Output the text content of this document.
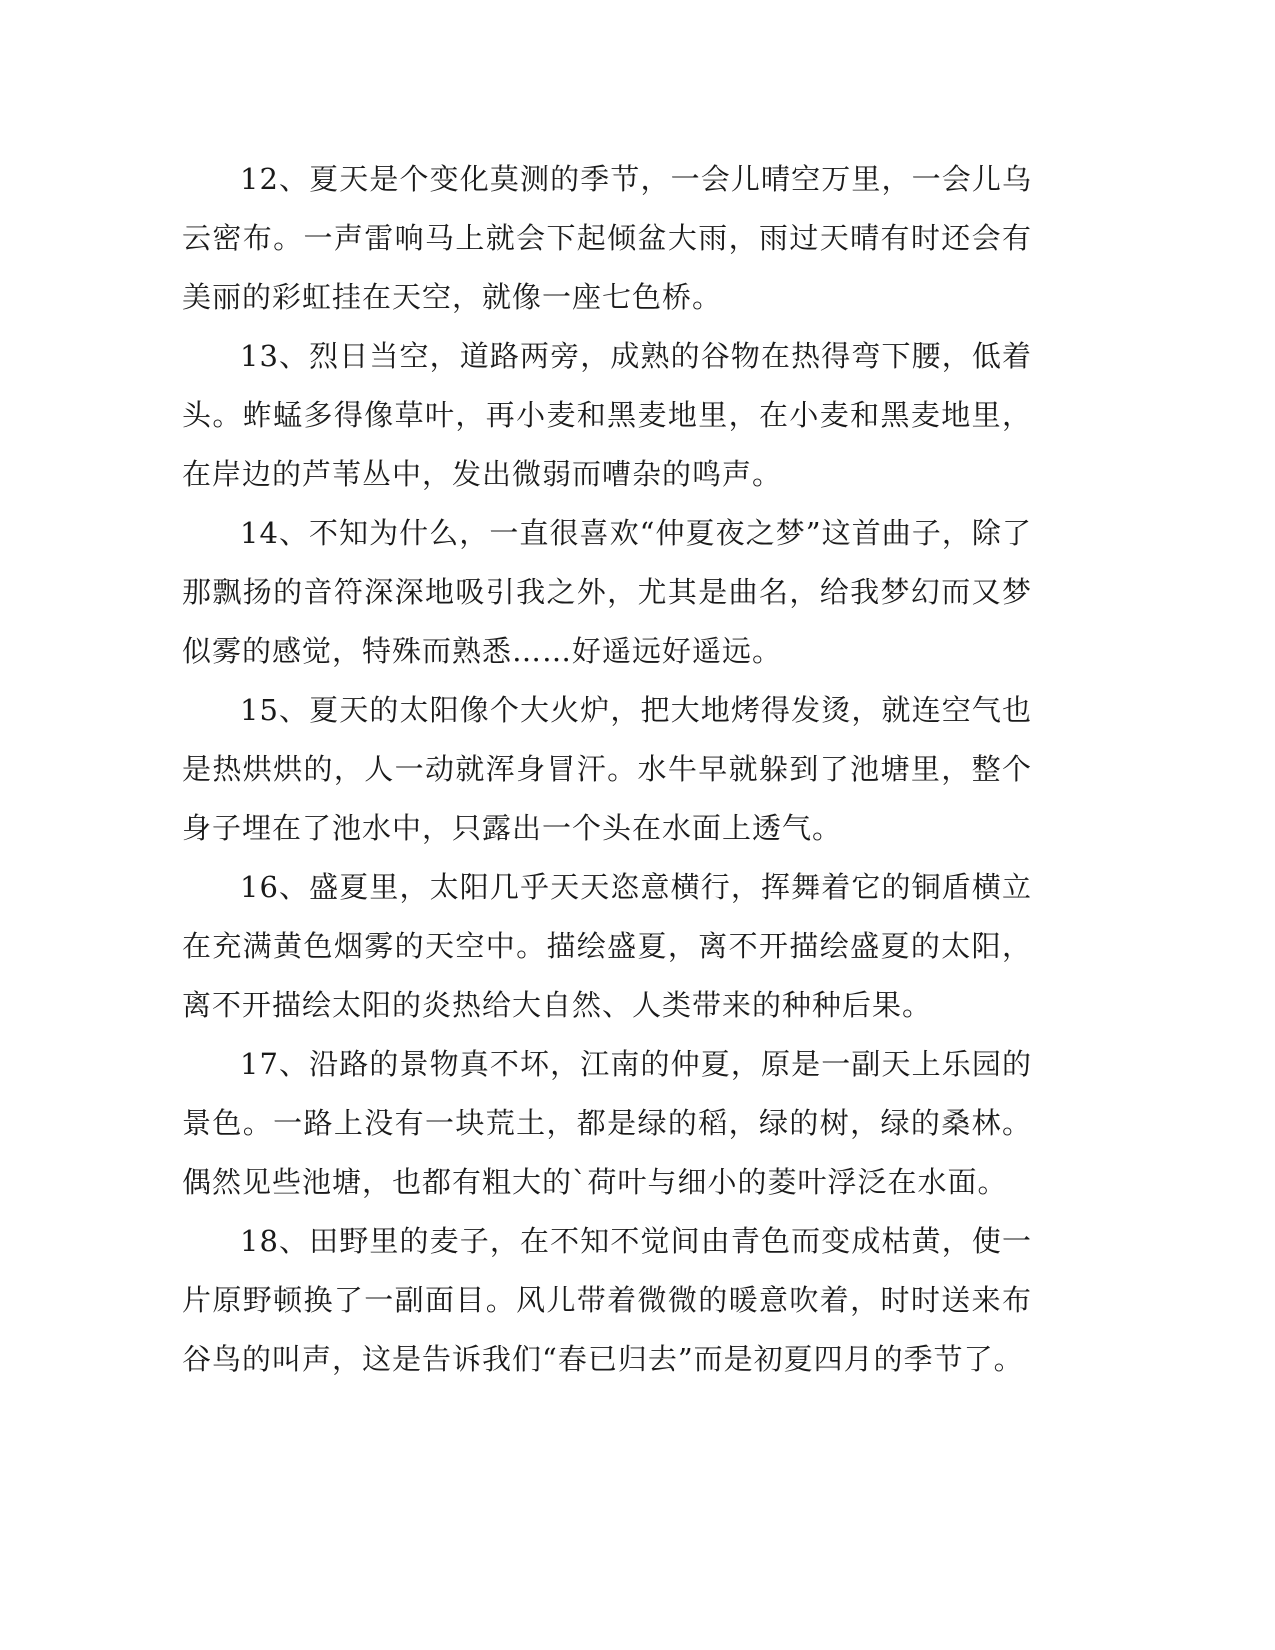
12、夏天是个变化莫测的季节，一会儿晴空万里，一会儿乌云密布。一声雷响马上就会下起倾盆大雨，雨过天晴有时还会有美丽的彩虹挂在天空，就像一座七色桥。

13、烈日当空，道路两旁，成熟的谷物在热得弯下腰，低着头。蚱蜢多得像草叶，再小麦和黑麦地里，在小麦和黑麦地里，在岸边的芦苇丛中，发出微弱而嘈杂的鸣声。

14、不知为什么，一直很喜欢“仲夏夜之梦”这首曲子，除了那飘扬的音符深深地吸引我之外，尤其是曲名，给我梦幻而又梦似雾的感觉，特殊而熟悉……好遥远好遥远。

15、夏天的太阳像个大火炉，把大地烤得发烫，就连空气也是热烘烘的，人一动就浑身冒汗。水牛早就躲到了池塘里，整个身子埋在了池水中，只露出一个头在水面上透气。

16、盛夏里，太阳几乎天天恣意横行，挥舞着它的铜盾横立在充满黄色烟雾的天空中。描绘盛夏，离不开描绘盛夏的太阳，离不开描绘太阳的炎热给大自然、人类带来的种种后果。

17、沿路的景物真不坏，江南的仲夏，原是一副天上乐园的景色。一路上没有一块荒土，都是绿的稻，绿的树，绿的桑林。偶然见些池塘，也都有粗大的`荷叶与细小的菱叶浮泛在水面。

18、田野里的麦子，在不知不觉间由青色而变成枯黄，使一片原野顿换了一副面目。风儿带着微微的暖意吹着，时时送来布谷鸟的叫声，这是告诉我们“春已归去”而是初夏四月的季节了。
